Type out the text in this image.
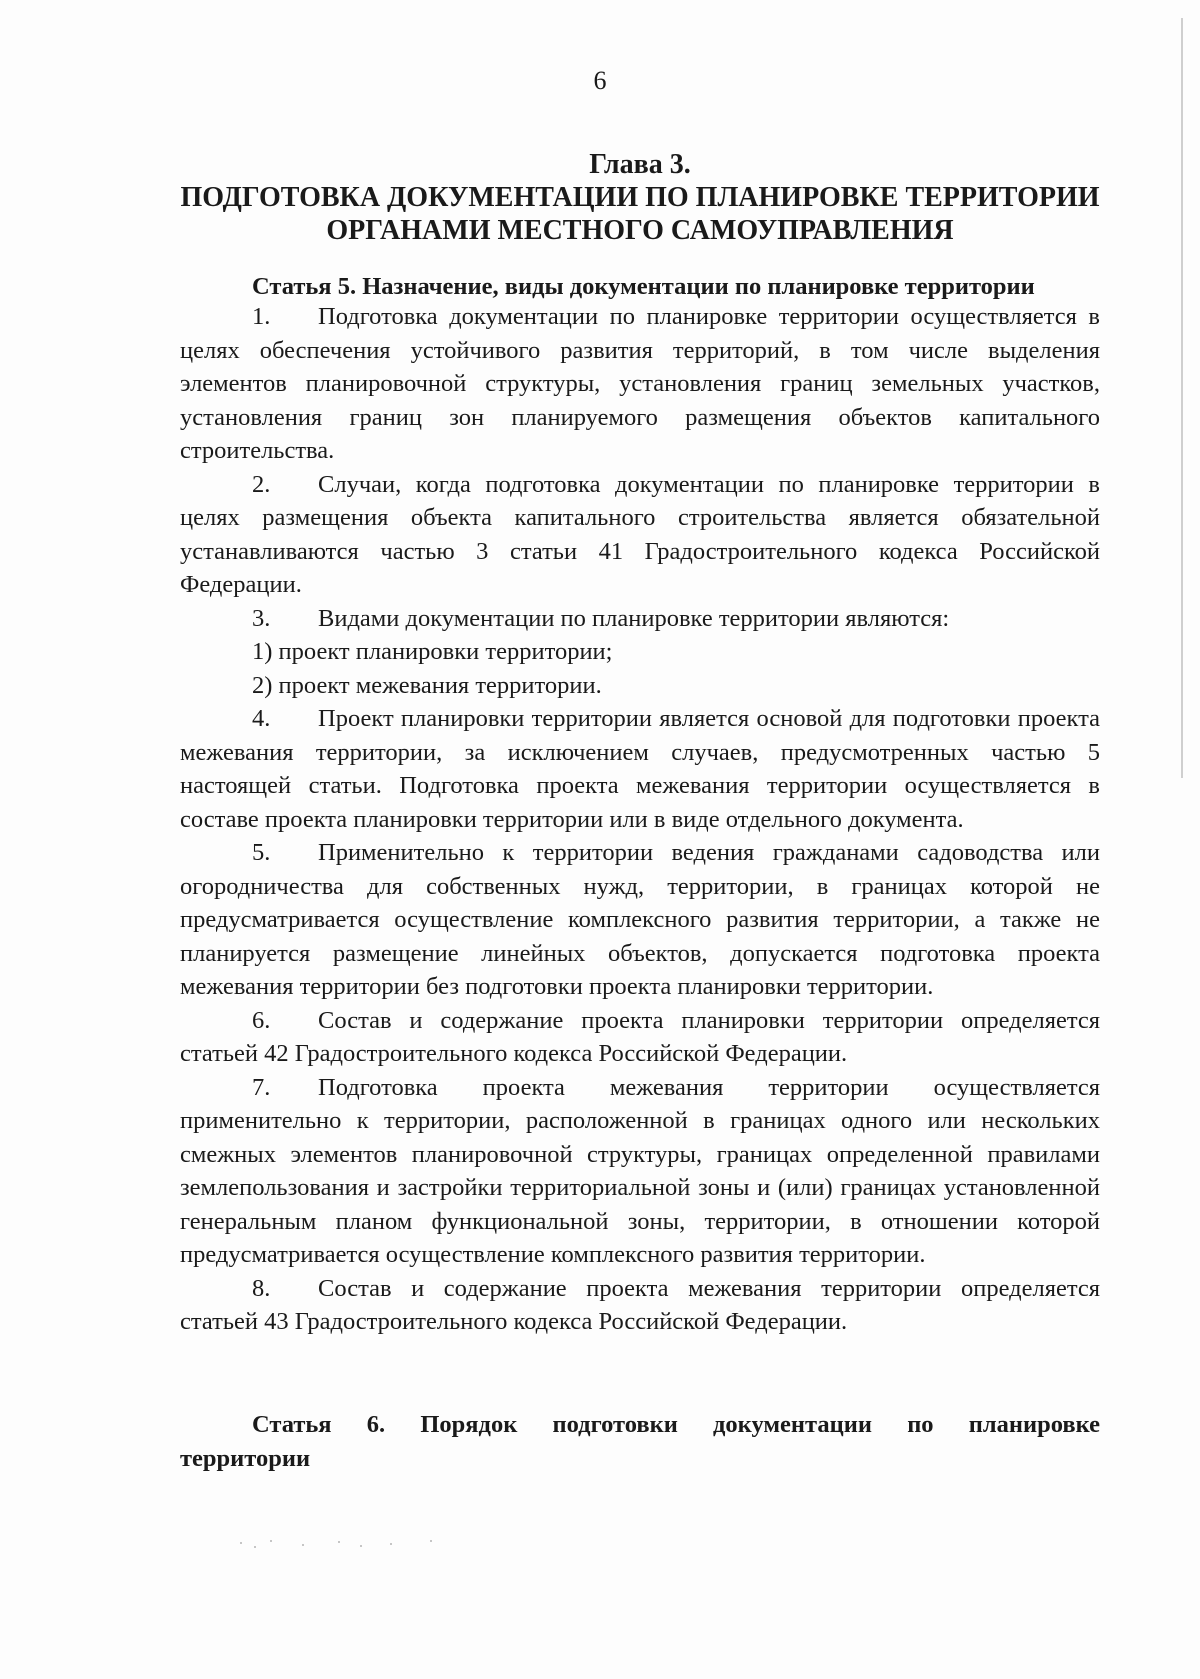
6
Глава 3.
ПОДГОТОВКА ДОКУМЕНТАЦИИ ПО ПЛАНИРОВКЕ ТЕРРИТОРИИ
ОРГАНАМИ МЕСТНОГО САМОУПРАВЛЕНИЯ
Статья 5. Назначение, виды документации по планировке территории

1. Подготовка документации по планировке территории осуществляется в целях обеспечения устойчивого развития территорий, в том числе выделения элементов планировочной структуры, установления границ земельных участков, установления границ зон планируемого размещения объектов капитального строительства.

2. Случаи, когда подготовка документации по планировке территории в целях размещения объекта капитального строительства является обязательной устанавливаются частью 3 статьи 41 Градостроительного кодекса Российской Федерации.

3. Видами документации по планировке территории являются:

1) проект планировки территории;

2) проект межевания территории.

4. Проект планировки территории является основой для подготовки проекта межевания территории, за исключением случаев, предусмотренных частью 5 настоящей статьи. Подготовка проекта межевания территории осуществляется в составе проекта планировки территории или в виде отдельного документа.

5. Применительно к территории ведения гражданами садоводства или огородничества для собственных нужд, территории, в границах которой не предусматривается осуществление комплексного развития территории, а также не планируется размещение линейных объектов, допускается подготовка проекта межевания территории без подготовки проекта планировки территории.

6. Состав и содержание проекта планировки территории определяется статьей 42 Градостроительного кодекса Российской Федерации.

7. Подготовка проекта межевания территории осуществляется применительно к территории, расположенной в границах одного или нескольких смежных элементов планировочной структуры, границах определенной правилами землепользования и застройки территориальной зоны и (или) границах установленной генеральным планом функциональной зоны, территории, в отношении которой предусматривается осуществление комплексного развития территории.

8. Состав и содержание проекта межевания территории определяется статьей 43 Градостроительного кодекса Российской Федерации.

Статья 6. Порядок подготовки документации по планировке
территории
